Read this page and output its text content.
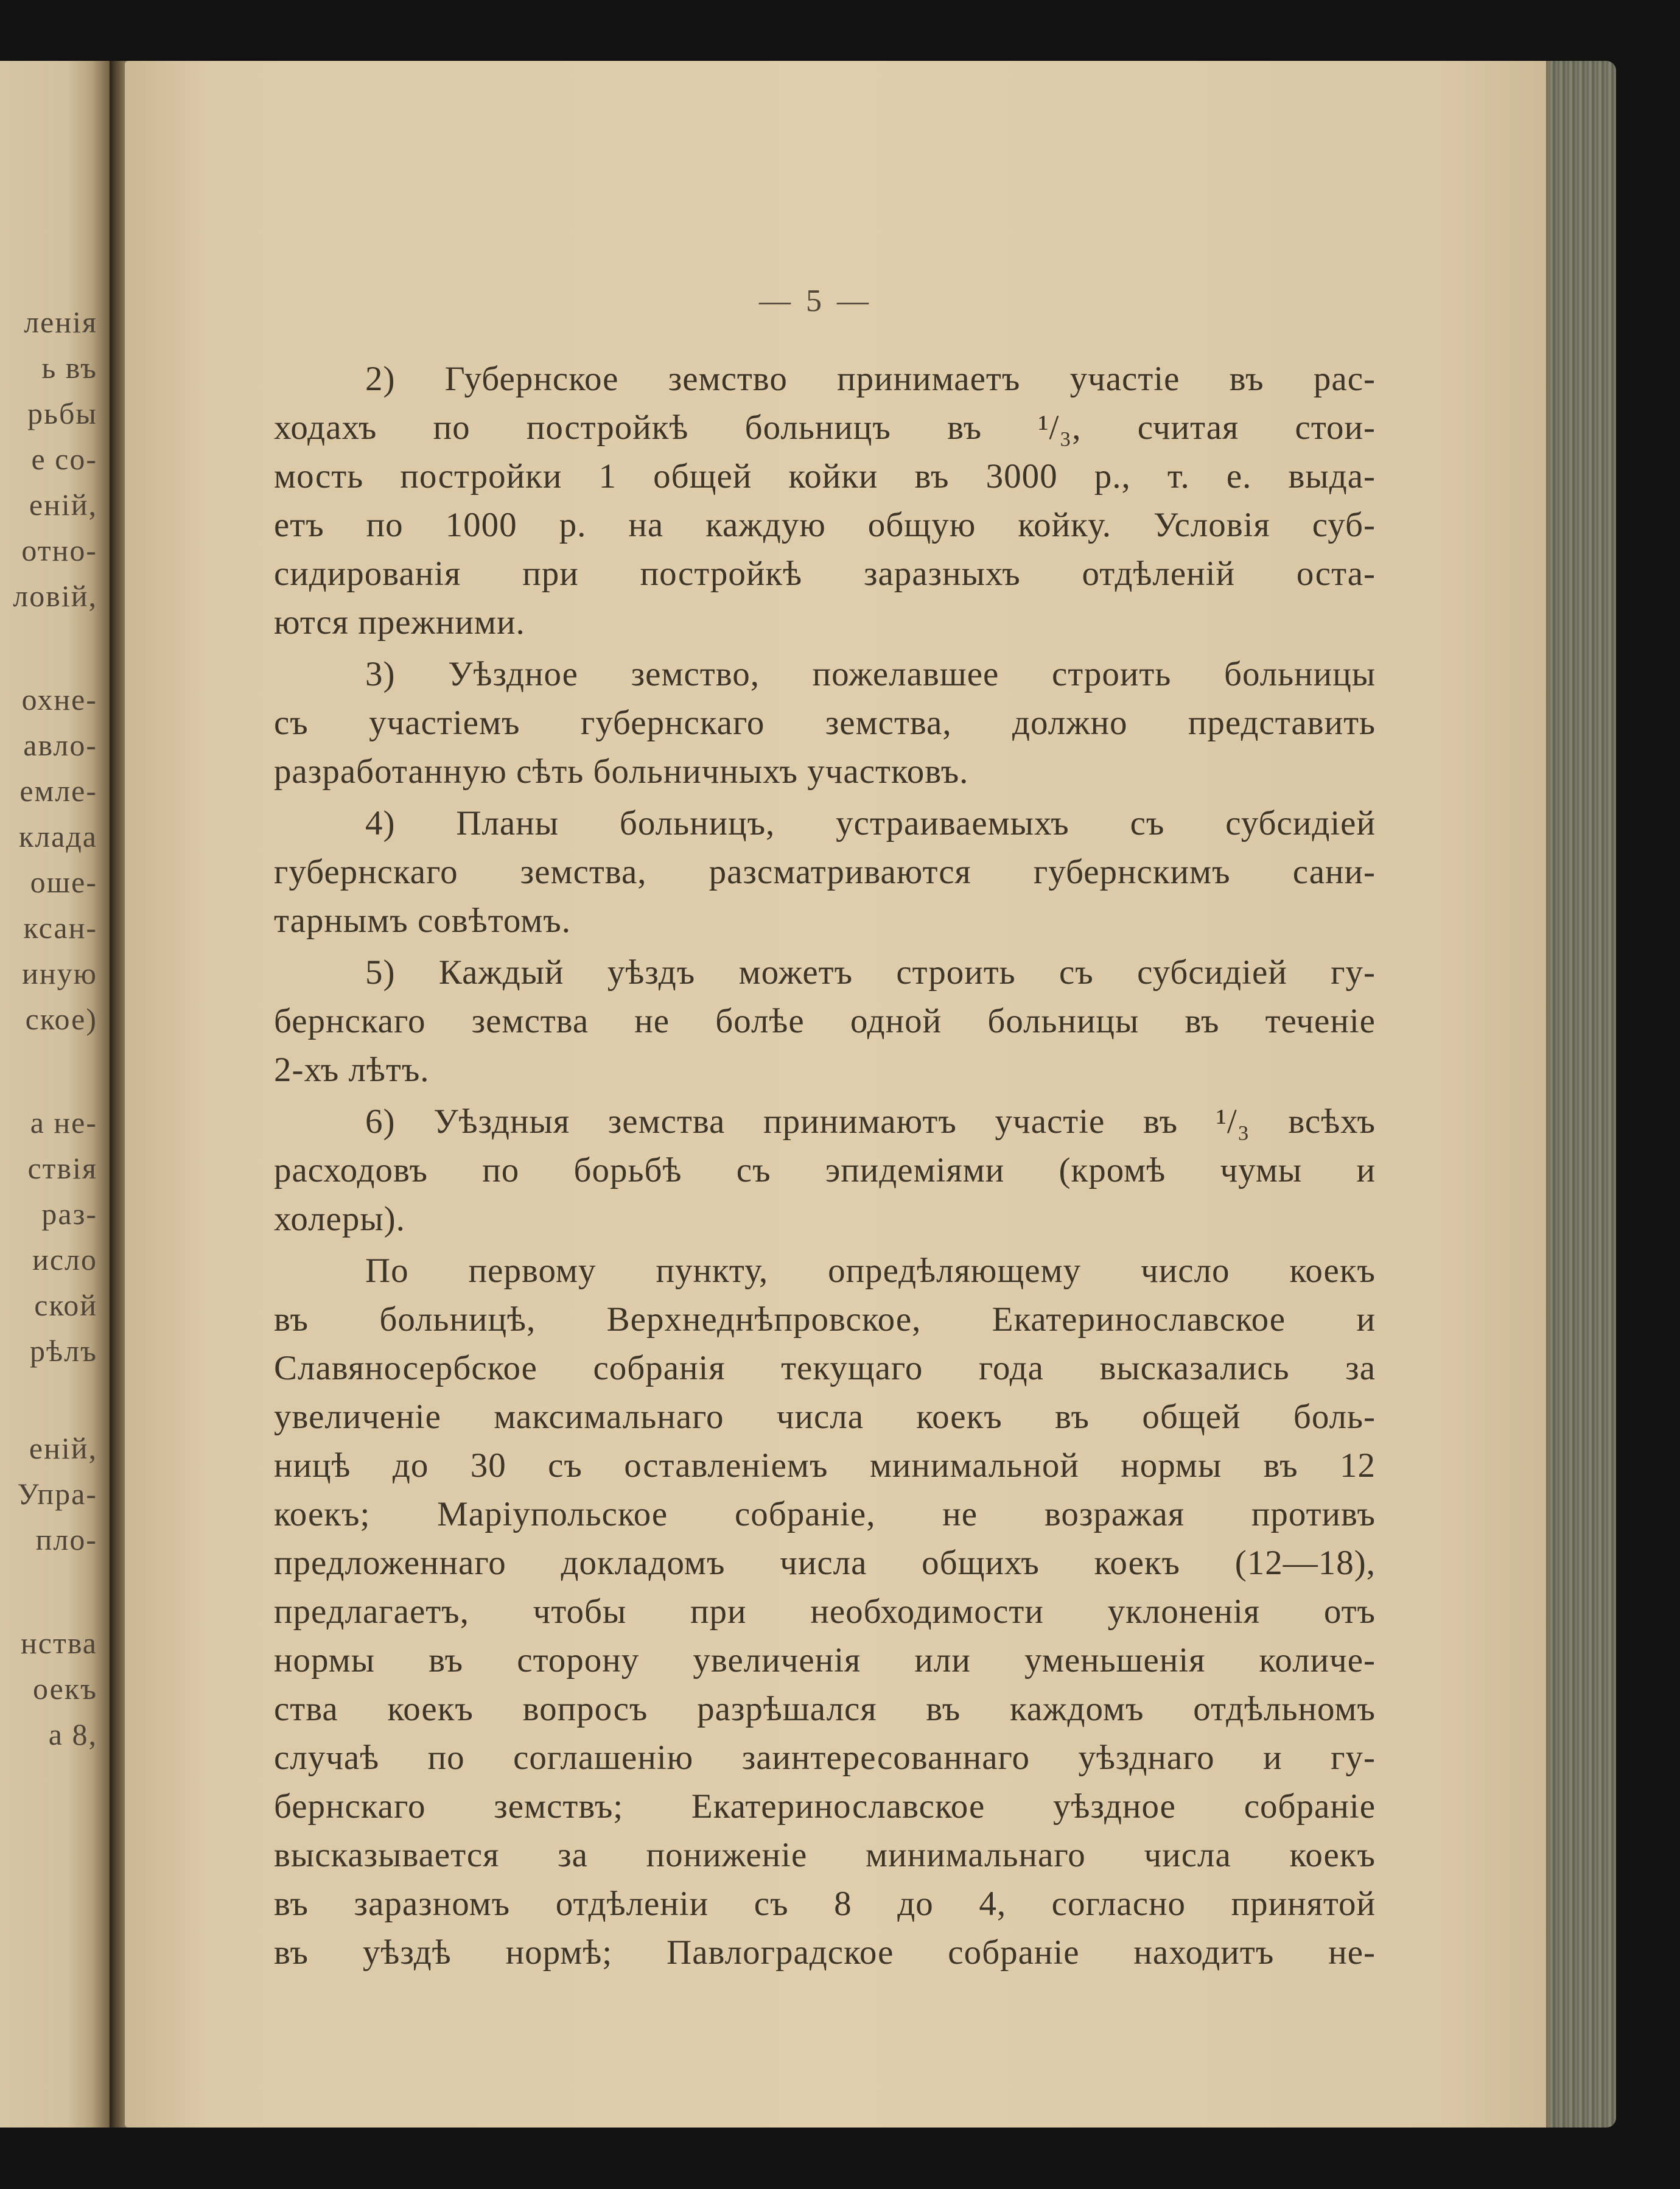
ленія
ь въ
рьбы
е со-
еній,
отно-
ловій,
охне-
авло-
емле-
клада
оше-
ксан-
иную
ское)
а не-
ствія
раз-
исло
ской
рѣлъ
еній,
Упра-
пло-
нства
оекъ
а 8,
— 5 —
2) Губернское земство принимаетъ участіе въ рас-
ходахъ по постройкѣ больницъ въ ¹/₃, считая стои-
мость постройки 1 общей койки въ 3000 р., т. е. выда-
етъ по 1000 р. на каждую общую койку. Условія суб-
сидированія при постройкѣ заразныхъ отдѣленій оста-
ются прежними.
3) Уѣздное земство, пожелавшее строить больницы
съ участіемъ губернскаго земства, должно представить
разработанную сѣть больничныхъ участковъ.
4) Планы больницъ, устраиваемыхъ съ субсидіей
губернскаго земства, разсматриваются губернскимъ сани-
тарнымъ совѣтомъ.
5) Каждый уѣздъ можетъ строить съ субсидіей гу-
бернскаго земства не болѣе одной больницы въ теченіе
2-хъ лѣтъ.
6) Уѣздныя земства принимаютъ участіе въ ¹/₃ всѣхъ
расходовъ по борьбѣ съ эпидеміями (кромѣ чумы и
холеры).
По первому пункту, опредѣляющему число коекъ
въ больницѣ, Верхнеднѣпровское, Екатеринославское и
Славяносербское собранія текущаго года высказались за
увеличеніе максимальнаго числа коекъ въ общей боль-
ницѣ до 30 съ оставленіемъ минимальной нормы въ 12
коекъ; Маріупольское собраніе, не возражая противъ
предложеннаго докладомъ числа общихъ коекъ (12—18),
предлагаетъ, чтобы при необходимости уклоненія отъ
нормы въ сторону увеличенія или уменьшенія количе-
ства коекъ вопросъ разрѣшался въ каждомъ отдѣльномъ
случаѣ по соглашенію заинтересованнаго уѣзднаго и гу-
бернскаго земствъ; Екатеринославское уѣздное собраніе
высказывается за пониженіе минимальнаго числа коекъ
въ заразномъ отдѣленіи съ 8 до 4, согласно принятой
въ уѣздѣ нормѣ; Павлоградское собраніе находитъ не-
